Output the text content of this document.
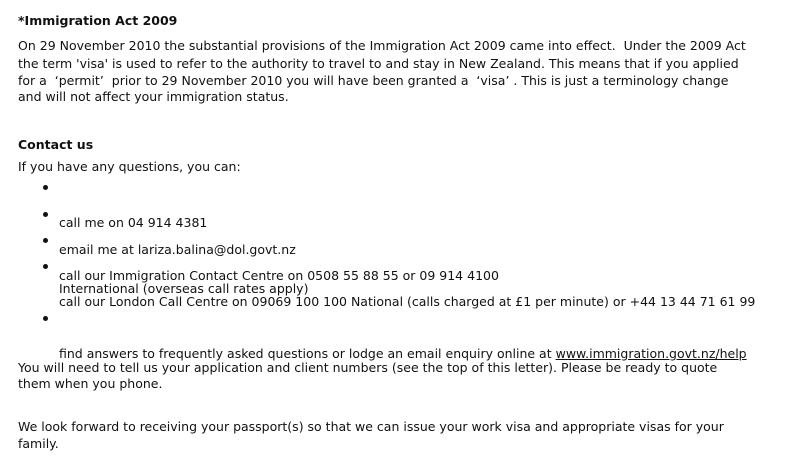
*Immigration Act 2009
On 29 November 2010 the substantial provisions of the Immigration Act 2009 came into effect.  Under the 2009 Act
the term 'visa' is used to refer to the authority to travel to and stay in New Zealand. This means that if you applied
for a  ‘permit’  prior to 29 November 2010 you will have been granted a  ‘visa’ . This is just a terminology change
and will not affect your immigration status.
Contact us
If you have any questions, you can:

call me on 04 914 4381

email me at lariza.balina@dol.govt.nz

call our Immigration Contact Centre on 0508 55 88 55 or 09 914 4100

call our London Call Centre on 09069 100 100 National (calls charged at £1 per minute) or +44 13 44 71 61 99

International (overseas call rates apply)

find answers to frequently asked questions or lodge an email enquiry online at www.immigration.govt.nz/help

You will need to tell us your application and client numbers (see the top of this letter). Please be ready to quote
them when you phone.
We look forward to receiving your passport(s) so that we can issue your work visa and appropriate visas for your
family.
